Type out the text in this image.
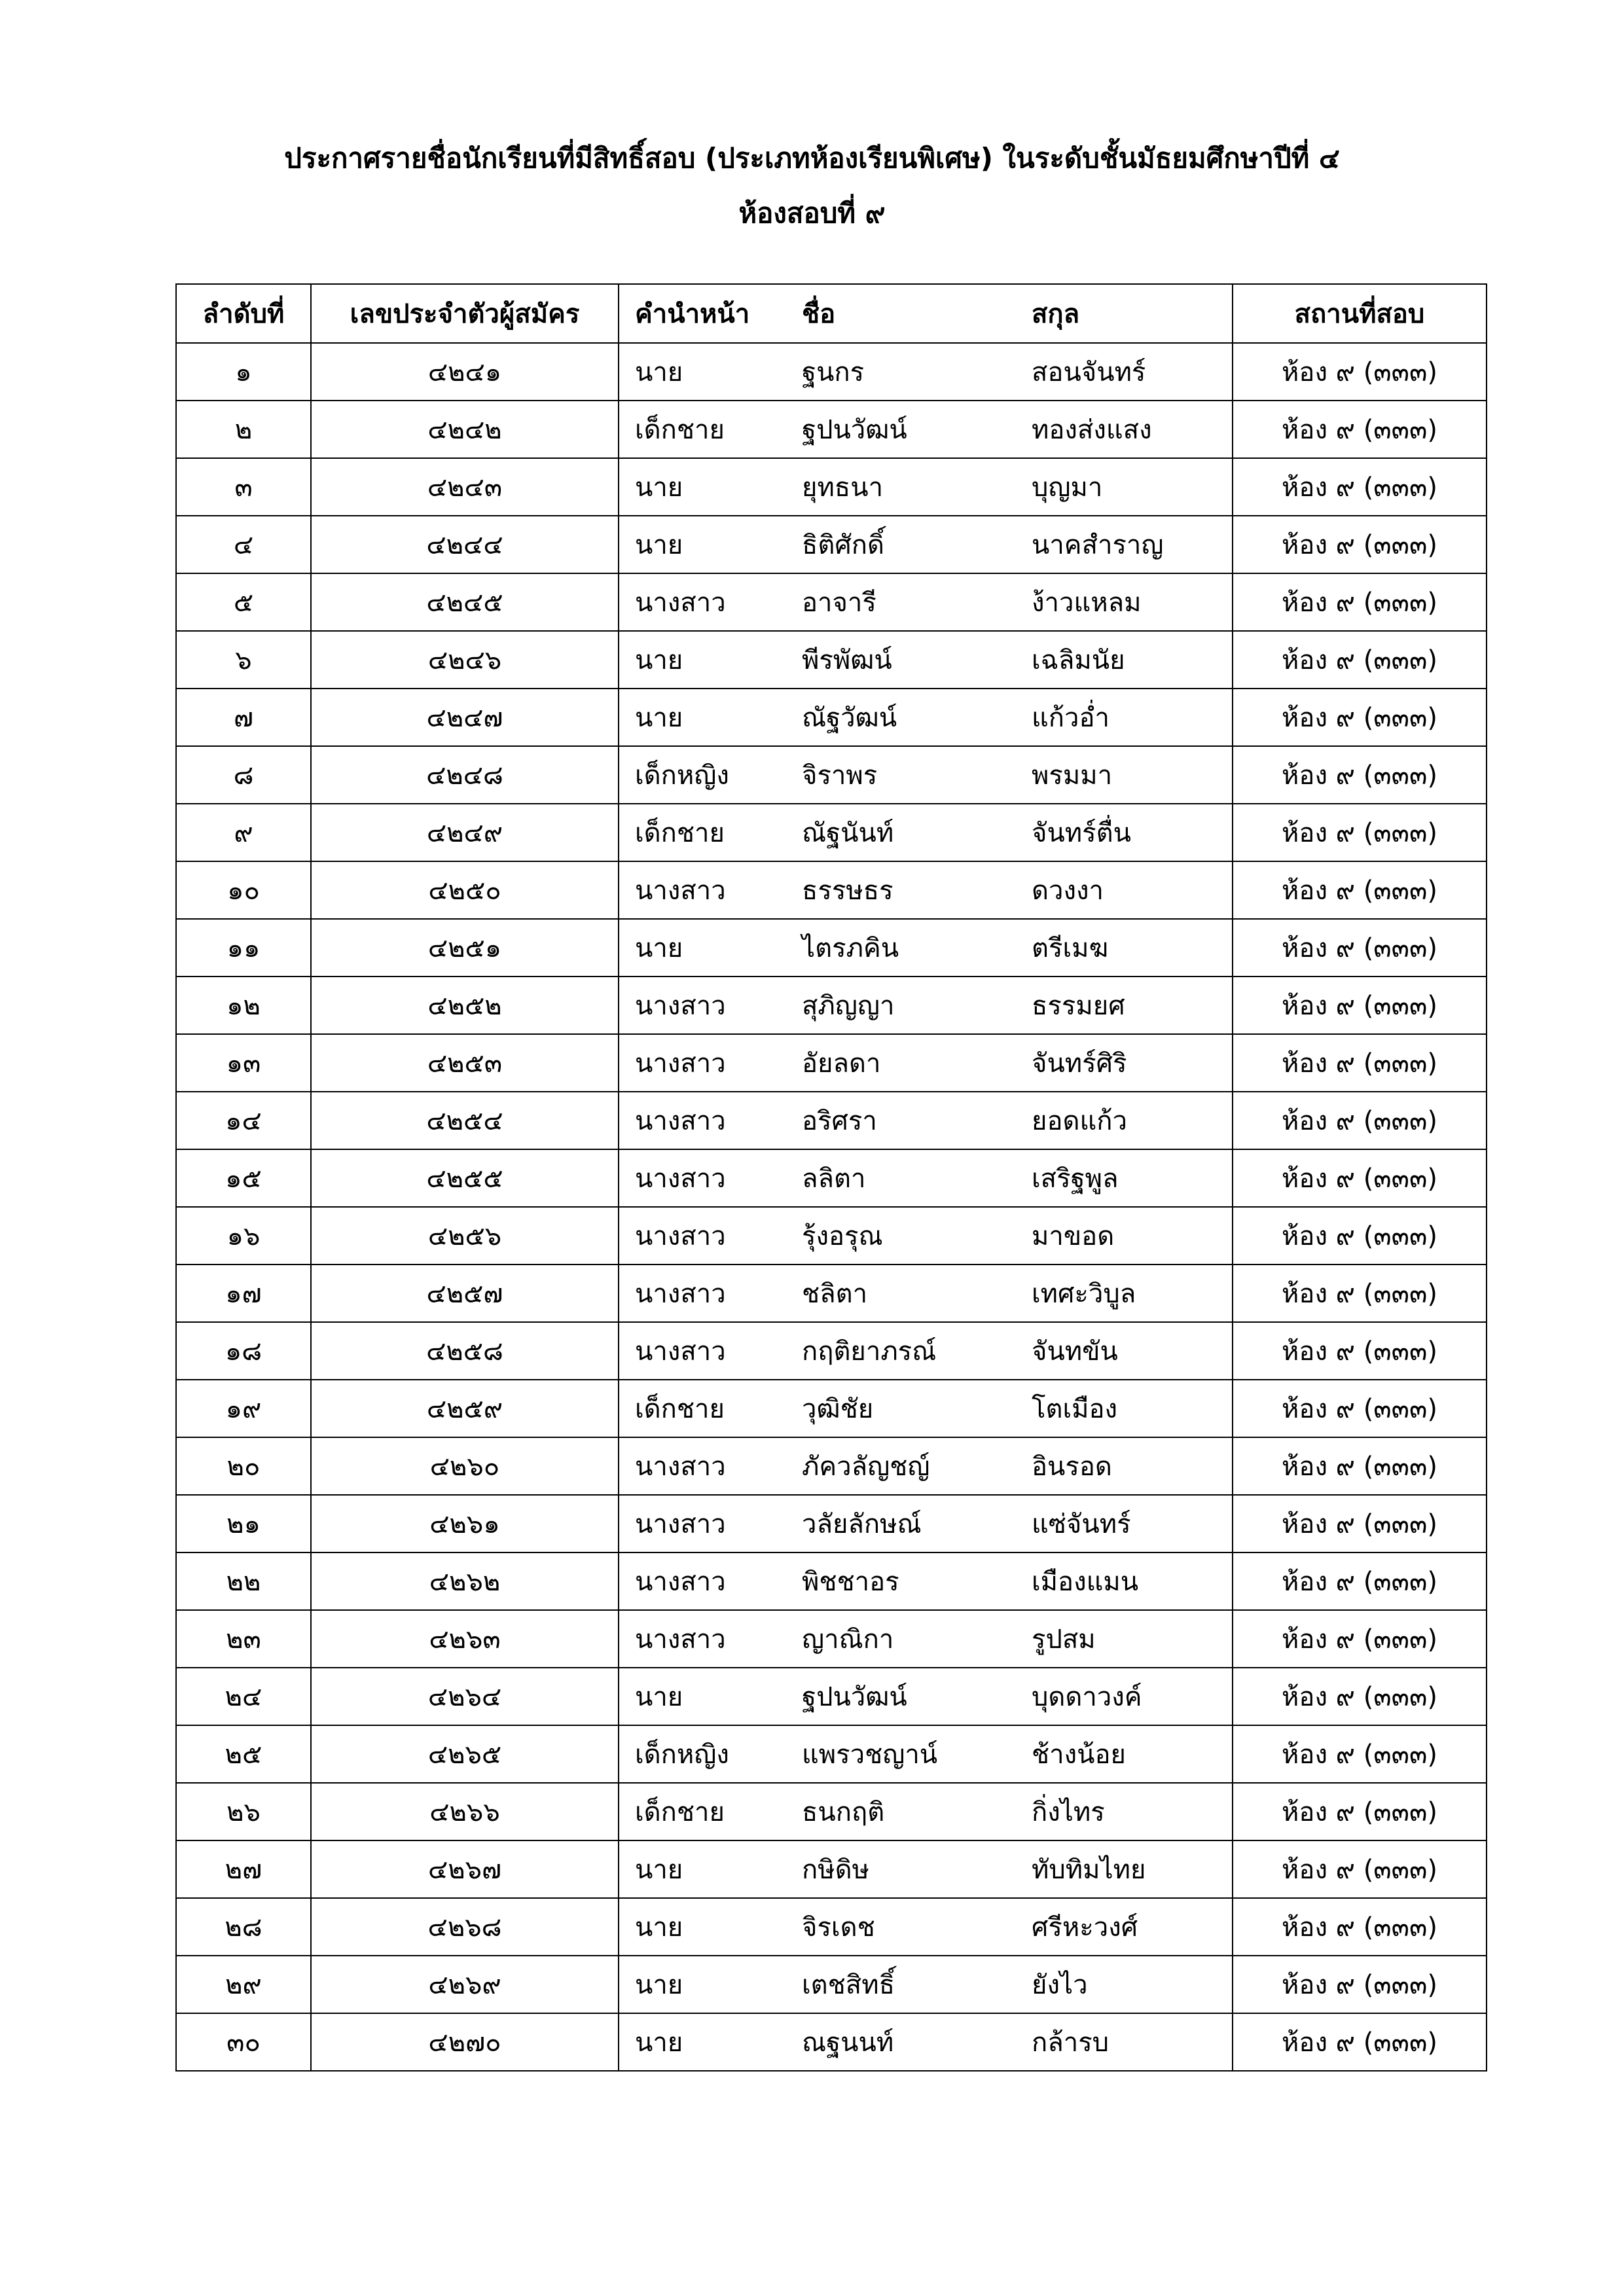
ประกาศรายชื่อนักเรียนที่มีสิทธิ์สอบ (ประเภทห้องเรียนพิเศษ) ในระดับชั้นมัธยมศึกษาปีที่ ๔
ห้องสอบที่ ๙
ลำดับที่	เลขประจำตัวผู้สมัคร	คำนำหน้า	ชื่อ	สกุล	สถานที่สอบ
๑	๔๒๔๑	นาย	ฐนกร	สอนจันทร์	ห้อง ๙ (๓๓๓)
๒	๔๒๔๒	เด็กชาย	ฐปนวัฒน์	ทองส่งแสง	ห้อง ๙ (๓๓๓)
๓	๔๒๔๓	นาย	ยุทธนา	บุญมา	ห้อง ๙ (๓๓๓)
๔	๔๒๔๔	นาย	ธิติศักดิ์	นาคสำราญ	ห้อง ๙ (๓๓๓)
๕	๔๒๔๕	นางสาว	อาจารี	ง้าวแหลม	ห้อง ๙ (๓๓๓)
๖	๔๒๔๖	นาย	พีรพัฒน์	เฉลิมนัย	ห้อง ๙ (๓๓๓)
๗	๔๒๔๗	นาย	ณัฐวัฒน์	แก้วอ่ำ	ห้อง ๙ (๓๓๓)
๘	๔๒๔๘	เด็กหญิง	จิราพร	พรมมา	ห้อง ๙ (๓๓๓)
๙	๔๒๔๙	เด็กชาย	ณัฐนันท์	จันทร์ตื่น	ห้อง ๙ (๓๓๓)
๑๐	๔๒๕๐	นางสาว	ธรรษธร	ดวงงา	ห้อง ๙ (๓๓๓)
๑๑	๔๒๕๑	นาย	ไตรภคิน	ตรีเมฆ	ห้อง ๙ (๓๓๓)
๑๒	๔๒๕๒	นางสาว	สุภิญญา	ธรรมยศ	ห้อง ๙ (๓๓๓)
๑๓	๔๒๕๓	นางสาว	อัยลดา	จันทร์ศิริ	ห้อง ๙ (๓๓๓)
๑๔	๔๒๕๔	นางสาว	อริศรา	ยอดแก้ว	ห้อง ๙ (๓๓๓)
๑๕	๔๒๕๕	นางสาว	ลลิตา	เสริฐพูล	ห้อง ๙ (๓๓๓)
๑๖	๔๒๕๖	นางสาว	รุ้งอรุณ	มาขอด	ห้อง ๙ (๓๓๓)
๑๗	๔๒๕๗	นางสาว	ชลิตา	เทศะวิบูล	ห้อง ๙ (๓๓๓)
๑๘	๔๒๕๘	นางสาว	กฤติยาภรณ์	จันทขัน	ห้อง ๙ (๓๓๓)
๑๙	๔๒๕๙	เด็กชาย	วุฒิชัย	โตเมือง	ห้อง ๙ (๓๓๓)
๒๐	๔๒๖๐	นางสาว	ภัควลัญชญ์	อินรอด	ห้อง ๙ (๓๓๓)
๒๑	๔๒๖๑	นางสาว	วลัยลักษณ์	แซ่จันทร์	ห้อง ๙ (๓๓๓)
๒๒	๔๒๖๒	นางสาว	พิชชาอร	เมืองแมน	ห้อง ๙ (๓๓๓)
๒๓	๔๒๖๓	นางสาว	ญาณิกา	รูปสม	ห้อง ๙ (๓๓๓)
๒๔	๔๒๖๔	นาย	ฐปนวัฒน์	บุดดาวงค์	ห้อง ๙ (๓๓๓)
๒๕	๔๒๖๕	เด็กหญิง	แพรวชญาน์	ช้างน้อย	ห้อง ๙ (๓๓๓)
๒๖	๔๒๖๖	เด็กชาย	ธนกฤติ	กิ่งไทร	ห้อง ๙ (๓๓๓)
๒๗	๔๒๖๗	นาย	กษิดิษ	ทับทิมไทย	ห้อง ๙ (๓๓๓)
๒๘	๔๒๖๘	นาย	จิรเดช	ศรีหะวงศ์	ห้อง ๙ (๓๓๓)
๒๙	๔๒๖๙	นาย	เตชสิทธิ์	ยังไว	ห้อง ๙ (๓๓๓)
๓๐	๔๒๗๐	นาย	ณฐนนท์	กล้ารบ	ห้อง ๙ (๓๓๓)
